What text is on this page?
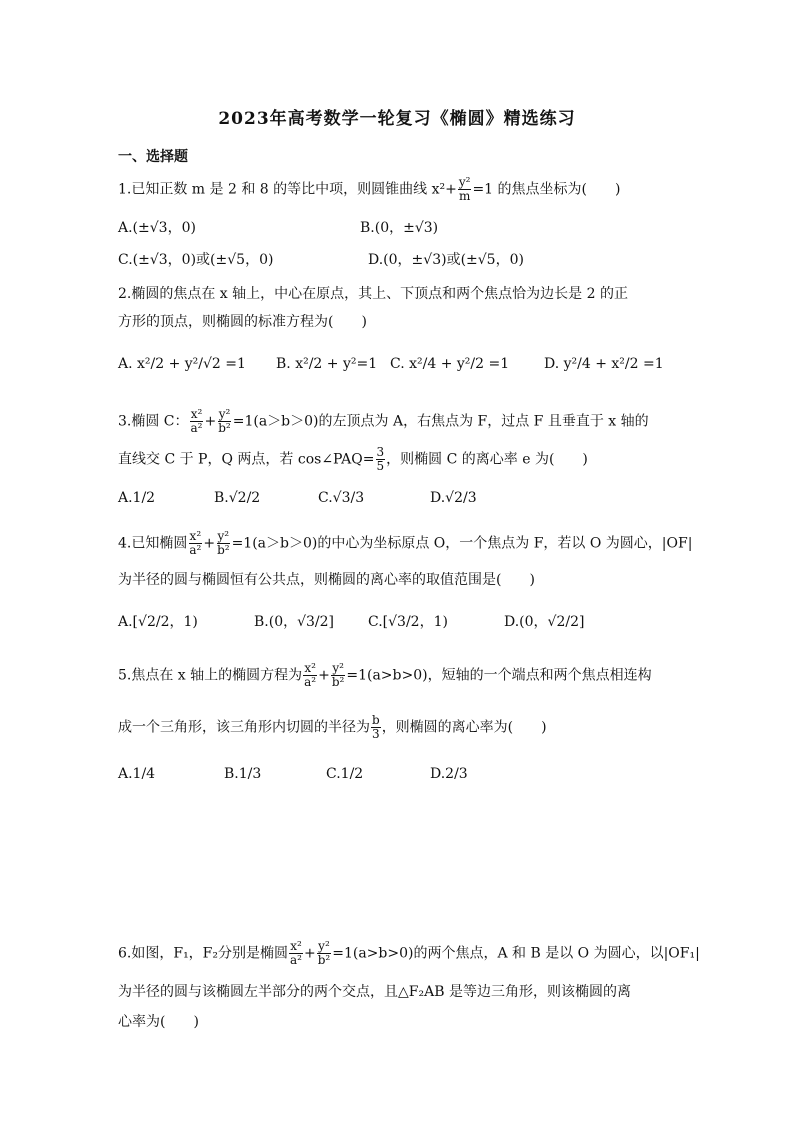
2023年高考数学一轮复习《椭圆》精选练习
一、选择题
1.已知正数 m 是 2 和 8 的等比中项，则圆锥曲线 $x^2+ \frac{\text{y²}}{m} =1$ 的焦点坐标为(　　)
A.(±√3，0)	B.(0，±√3)
C.(±√3，0)或(±√5，0)	D.(0，±√3)或(±√5，0)
2.椭圆的焦点在 x 轴上，中心在原点，其上、下顶点和两个焦点恰为边长是 2 的正
方形的顶点，则椭圆的标准方程为(　　)
A. x²/2 + y²/√2 =1 B. x²/2 + y²=1 C. x²/4 + y²/2 =1 D. y²/4 + x²/2 =1
3.椭圆 C： $\frac{\text{x²}}{\text{a²}} + \frac{\text{y²}}{\text{b²}} =1(a>b>0)$的左顶点为 A，右焦点为 F，过点 F 且垂直于 x 轴的
直线交 C 于 P，Q 两点，若 cos∠PAQ= $\frac{3}{5}$ ，则椭圆 C 的离心率 e 为(　　)
A.1/2	B.√2/2	C.√3/3	D.√2/3
4.已知椭圆 $\frac{\text{x²}}{\text{a²}} + \frac{\text{y²}}{\text{b²}} =1(a>b>0)$的中心为坐标原点 O，一个焦点为 F，若以 O 为圆心，|OF|
为半径的圆与椭圆恒有公共点，则椭圆的离心率的取值范围是(　　)
A.[√2/2，1)	B.(0，√3/2] C.[√3/2，1)	D.(0，√2/2]
5.焦点在 x 轴上的椭圆方程为 $\frac{\text{x²}}{\text{a²}} + \frac{\text{y²}}{\text{b²}} =1(a>b>0)$，短轴的一个端点和两个焦点相连构
成一个三角形，该三角形内切圆的半径为 $\frac{b}{3}$ ，则椭圆的离心率为(　　)
A.1/4	B.1/3	C.1/2	D.2/3
6.如图，F₁，F₂分别是椭圆 $\frac{\text{x²}}{\text{a²}} + \frac{\text{y²}}{\text{b²}} =1(a>b>0)$的两个焦点，A 和 B 是以 O 为圆心，以|OF₁|
为半径的圆与该椭圆左半部分的两个交点，且△F₂AB 是等边三角形，则该椭圆的离
心率为(　　)
